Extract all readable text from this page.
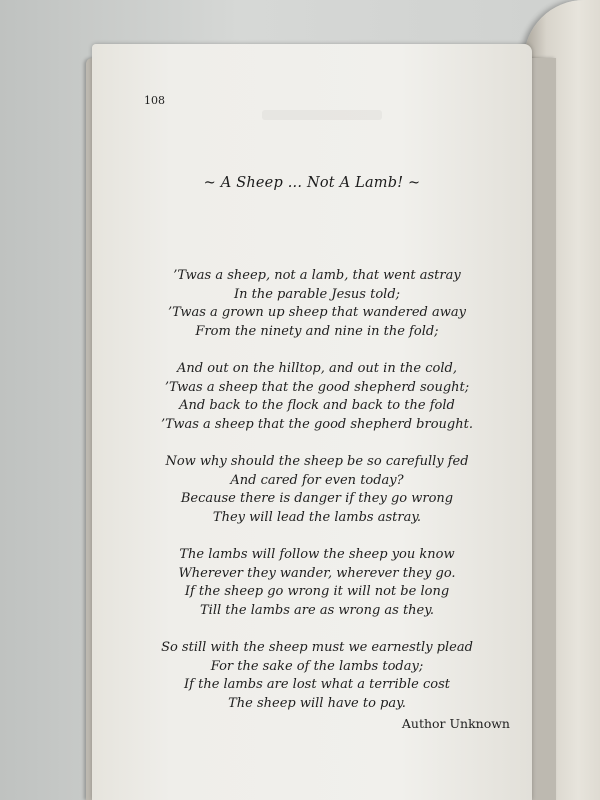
108
~ A Sheep ... Not A Lamb! ~
’Twas a sheep, not a lamb, that went astray
In the parable Jesus told;
’Twas a grown up sheep that wandered away
From the ninety and nine in the fold;
And out on the hilltop, and out in the cold,
’Twas a sheep that the good shepherd sought;
And back to the flock and back to the fold
’Twas a sheep that the good shepherd brought.
Now why should the sheep be so carefully fed
And cared for even today?
Because there is danger if they go wrong
They will lead the lambs astray.
The lambs will follow the sheep you know
Wherever they wander, wherever they go.
If the sheep go wrong it will not be long
Till the lambs are as wrong as they.
So still with the sheep must we earnestly plead
For the sake of the lambs today;
If the lambs are lost what a terrible cost
The sheep will have to pay.
Author Unknown
